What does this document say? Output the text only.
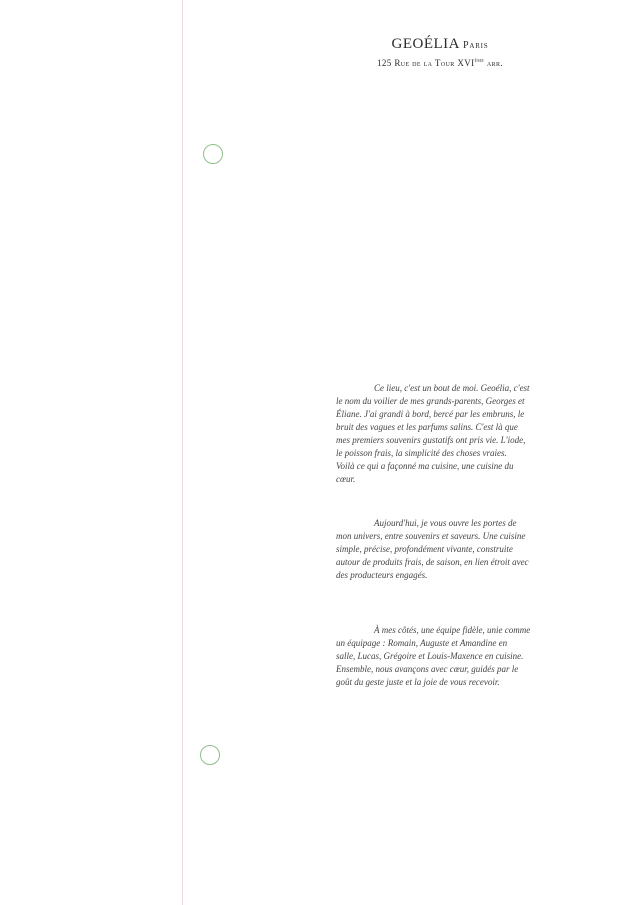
GEOÉLIA Paris
125 Rue de la Tour XVIème arr.

Ce lieu, c'est un bout de moi. Geoélia, c'est
le nom du voilier de mes grands-parents, Georges et
Éliane. J'ai grandi à bord, bercé par les embruns, le
bruit des vagues et les parfums salins. C'est là que
mes premiers souvenirs gustatifs ont pris vie. L'iode,
le poisson frais, la simplicité des choses vraies.
Voilà ce qui a façonné ma cuisine, une cuisine du
cœur.

Aujourd'hui, je vous ouvre les portes de
mon univers, entre souvenirs et saveurs. Une cuisine
simple, précise, profondément vivante, construite
autour de produits frais, de saison, en lien étroit avec
des producteurs engagés.

À mes côtés, une équipe fidèle, unie comme
un équipage : Romain, Auguste et Amandine en
salle, Lucas, Grégoire et Louis-Maxence en cuisine.
Ensemble, nous avançons avec cœur, guidés par le
goût du geste juste et la joie de vous recevoir.
